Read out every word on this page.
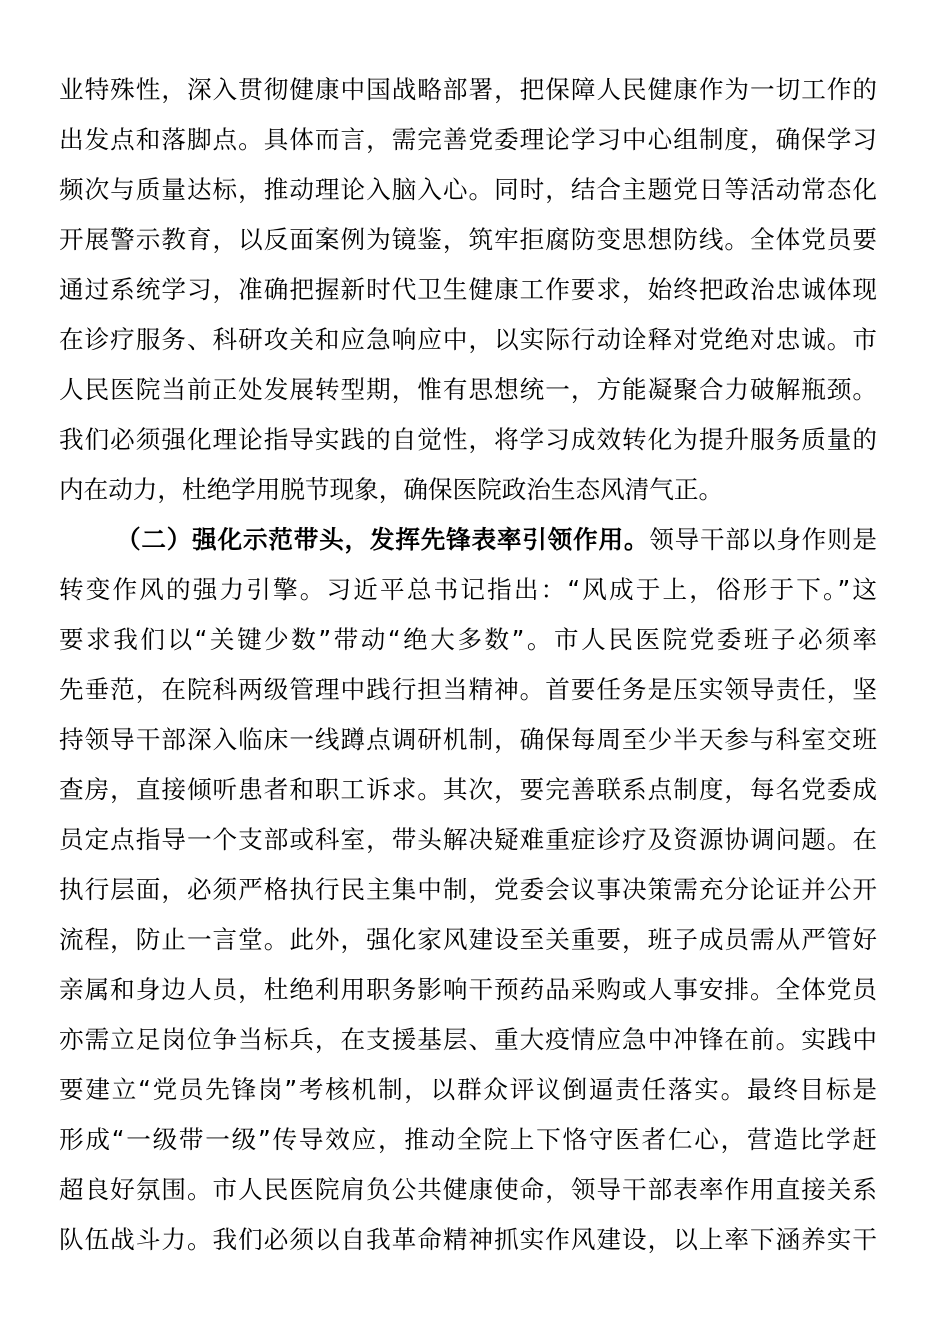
业特殊性，深入贯彻健康中国战略部署，把保障人民健康作为一切工作的
出发点和落脚点。具体而言，需完善党委理论学习中心组制度，确保学习
频次与质量达标，推动理论入脑入心。同时，结合主题党日等活动常态化
开展警示教育，以反面案例为镜鉴，筑牢拒腐防变思想防线。全体党员要
通过系统学习，准确把握新时代卫生健康工作要求，始终把政治忠诚体现
在诊疗服务、科研攻关和应急响应中，以实际行动诠释对党绝对忠诚。市
人民医院当前正处发展转型期，惟有思想统一，方能凝聚合力破解瓶颈。
我们必须强化理论指导实践的自觉性，将学习成效转化为提升服务质量的
内在动力，杜绝学用脱节现象，确保医院政治生态风清气正。
（二）强化示范带头，发挥先锋表率引领作用。领导干部以身作则是
转变作风的强力引擎。习近平总书记指出：“风成于上，俗形于下。”这
要求我们以“关键少数”带动“绝大多数”。市人民医院党委班子必须率
先垂范，在院科两级管理中践行担当精神。首要任务是压实领导责任，坚
持领导干部深入临床一线蹲点调研机制，确保每周至少半天参与科室交班
查房，直接倾听患者和职工诉求。其次，要完善联系点制度，每名党委成
员定点指导一个支部或科室，带头解决疑难重症诊疗及资源协调问题。在
执行层面，必须严格执行民主集中制，党委会议事决策需充分论证并公开
流程，防止一言堂。此外，强化家风建设至关重要，班子成员需从严管好
亲属和身边人员，杜绝利用职务影响干预药品采购或人事安排。全体党员
亦需立足岗位争当标兵，在支援基层、重大疫情应急中冲锋在前。实践中
要建立“党员先锋岗”考核机制，以群众评议倒逼责任落实。最终目标是
形成“一级带一级”传导效应，推动全院上下恪守医者仁心，营造比学赶
超良好氛围。市人民医院肩负公共健康使命，领导干部表率作用直接关系
队伍战斗力。我们必须以自我革命精神抓实作风建设，以上率下涵养实干
